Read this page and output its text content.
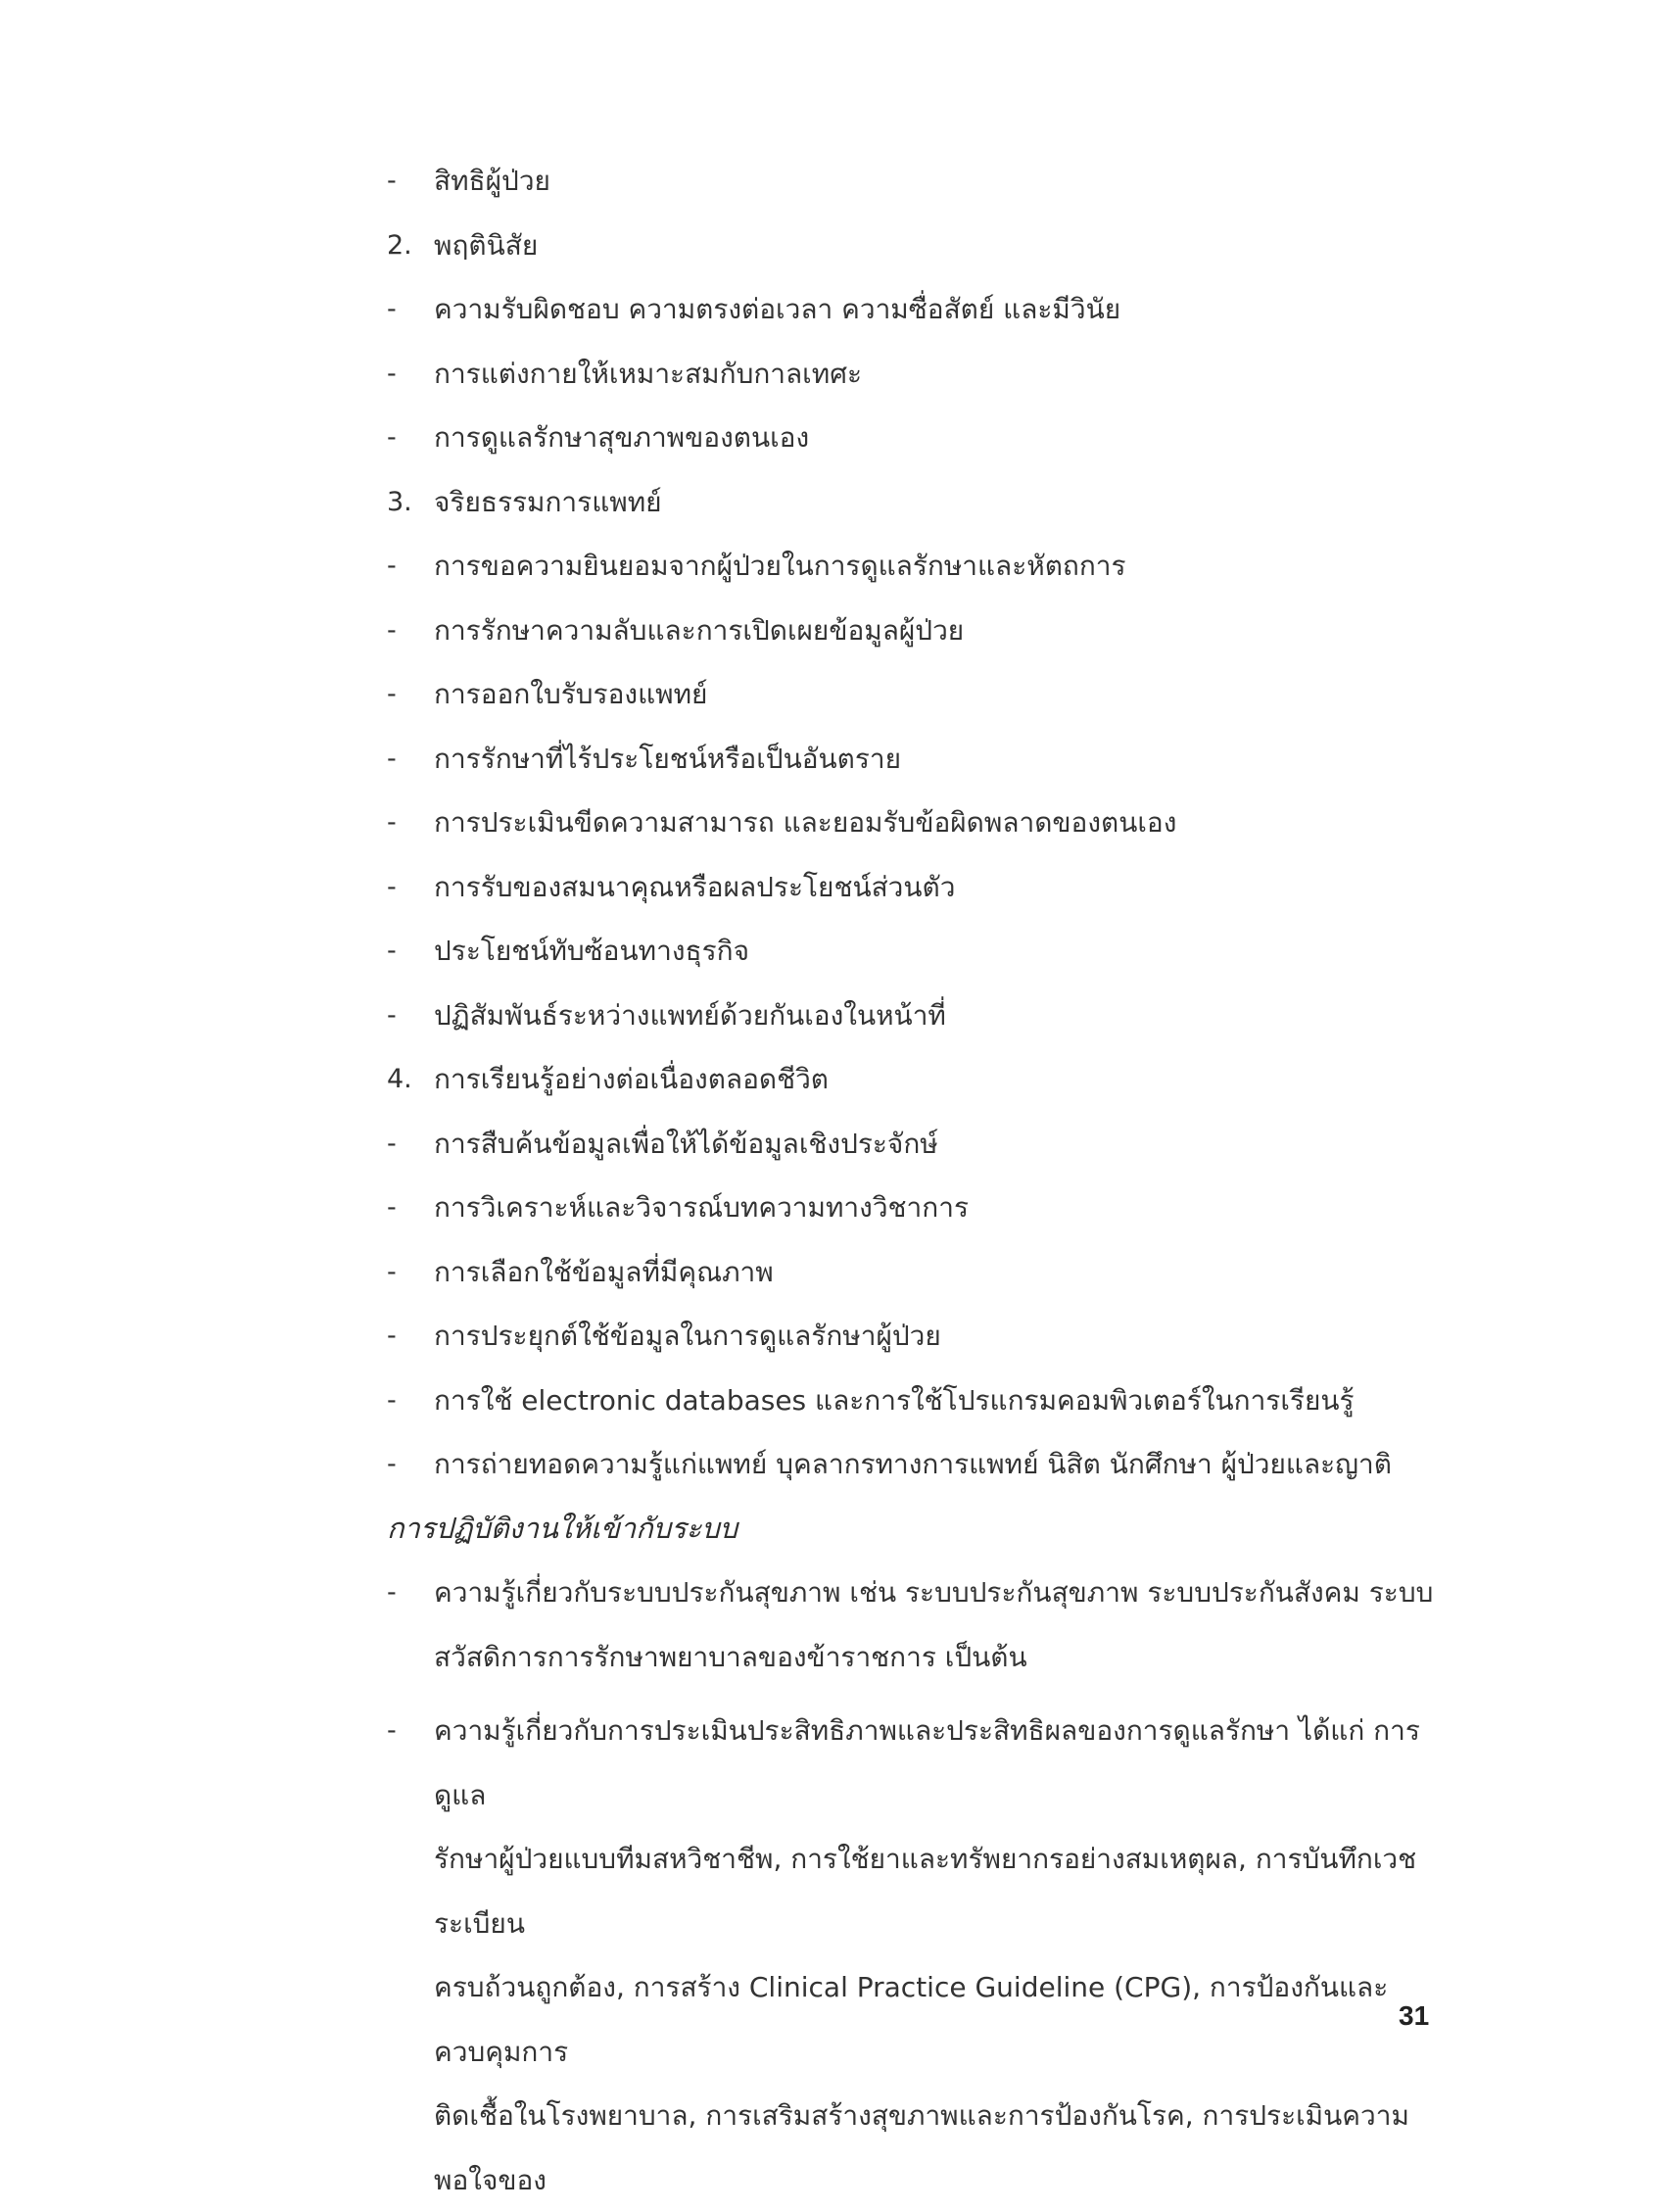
-	สิทธิผู้ป่วย
2. พฤตินิสัย
-	ความรับผิดชอบ ความตรงต่อเวลา ความซื่อสัตย์ และมีวินัย
-	การแต่งกายให้เหมาะสมกับกาลเทศะ
-	การดูแลรักษาสุขภาพของตนเอง
3. จริยธรรมการแพทย์
-	การขอความยินยอมจากผู้ป่วยในการดูแลรักษาและหัตถการ
-	การรักษาความลับและการเปิดเผยข้อมูลผู้ป่วย
-	การออกใบรับรองแพทย์
-	การรักษาที่ไร้ประโยชน์หรือเป็นอันตราย
-	การประเมินขีดความสามารถ และยอมรับข้อผิดพลาดของตนเอง
-	การรับของสมนาคุณหรือผลประโยชน์ส่วนตัว
-	ประโยชน์ทับซ้อนทางธุรกิจ
-	ปฏิสัมพันธ์ระหว่างแพทย์ด้วยกันเองในหน้าที่
4. การเรียนรู้อย่างต่อเนื่องตลอดชีวิต
-	การสืบค้นข้อมูลเพื่อให้ได้ข้อมูลเชิงประจักษ์
-	การวิเคราะห์และวิจารณ์บทความทางวิชาการ
-	การเลือกใช้ข้อมูลที่มีคุณภาพ
-	การประยุกต์ใช้ข้อมูลในการดูแลรักษาผู้ป่วย
-	การใช้ electronic databases และการใช้โปรแกรมคอมพิวเตอร์ในการเรียนรู้
-	การถ่ายทอดความรู้แก่แพทย์ บุคลากรทางการแพทย์ นิสิต นักศึกษา ผู้ป่วยและญาติ
การปฏิบัติงานให้เข้ากับระบบ
-	ความรู้เกี่ยวกับระบบประกันสุขภาพ เช่น ระบบประกันสุขภาพ ระบบประกันสังคม ระบบ
สวัสดิการการรักษาพยาบาลของข้าราชการ เป็นต้น
-	ความรู้เกี่ยวกับการประเมินประสิทธิภาพและประสิทธิผลของการดูแลรักษา ได้แก่ การดูแล
รักษาผู้ป่วยแบบทีมสหวิชาชีพ, การใช้ยาและทรัพยากรอย่างสมเหตุผล, การบันทึกเวชระเบียน
ครบถ้วนถูกต้อง, การสร้าง Clinical Practice Guideline (CPG), การป้องกันและควบคุมการ
ติดเชื้อในโรงพยาบาล, การเสริมสร้างสุขภาพและการป้องกันโรค, การประเมินความพอใจของ
31
